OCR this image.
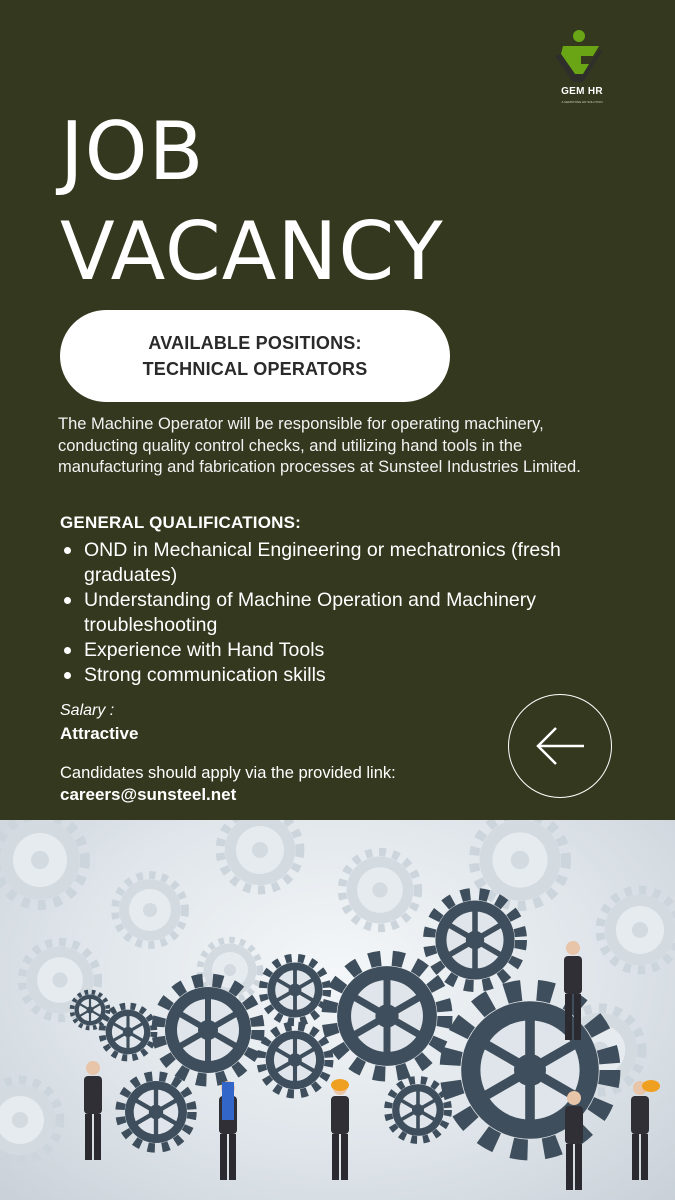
GEM HR
A GEMSTONE HR SOLUTION
JOB
VACANCY
AVAILABLE POSITIONS:
TECHNICAL OPERATORS

The Machine Operator will be responsible for operating machinery, conducting quality control checks, and utilizing hand tools in the manufacturing and fabrication processes at Sunsteel Industries Limited.

GENERAL QUALIFICATIONS:
OND in Mechanical Engineering or mechatronics (fresh graduates)
Understanding of Machine Operation and Machinery troubleshooting
Experience with Hand Tools
Strong communication skills
Salary :
Attractive
Candidates should apply via the provided link:
careers@sunsteel.net
